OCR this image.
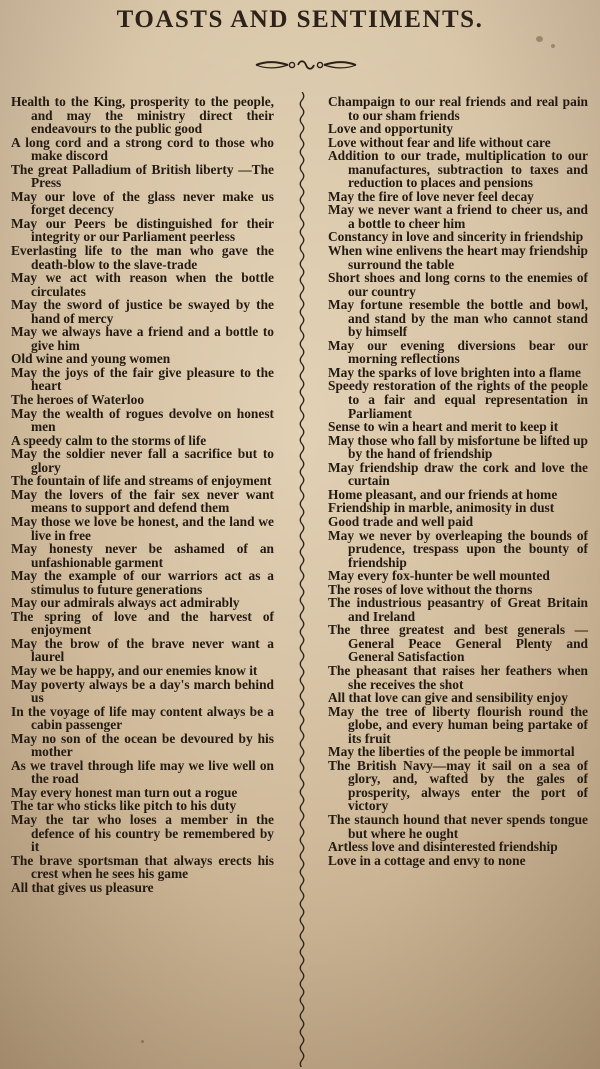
TOASTS AND SENTIMENTS.
Health to the King, prosperity to the people, and may the ministry direct their endeavours to the public good
A long cord and a strong cord to those who make discord
The great Palladium of British liberty —The Press
May our love of the glass never make us forget decency
May our Peers be distinguished for their integrity or our Parliament peerless
Everlasting life to the man who gave the death-blow to the slave-trade
May we act with reason when the bottle circulates
May the sword of justice be swayed by the hand of mercy
May we always have a friend and a bottle to give him
Old wine and young women
May the joys of the fair give pleasure to the heart
The heroes of Waterloo
May the wealth of rogues devolve on honest men
A speedy calm to the storms of life
May the soldier never fall a sacrifice but to glory
The fountain of life and streams of enjoyment
May the lovers of the fair sex never want means to support and defend them
May those we love be honest, and the land we live in free
May honesty never be ashamed of an unfashionable garment
May the example of our warriors act as a stimulus to future generations
May our admirals always act admirably
The spring of love and the harvest of enjoyment
May the brow of the brave never want a laurel
May we be happy, and our enemies know it
May poverty always be a day's march behind us
In the voyage of life may content always be a cabin passenger
May no son of the ocean be devoured by his mother
As we travel through life may we live well on the road
May every honest man turn out a rogue
The tar who sticks like pitch to his duty
May the tar who loses a member in the defence of his country be remembered by it
The brave sportsman that always erects his crest when he sees his game
All that gives us pleasure
Champaign to our real friends and real pain to our sham friends
Love and opportunity
Love without fear and life without care
Addition to our trade, multiplication to our manufactures, subtraction to taxes and reduction to places and pensions
May the fire of love never feel decay
May we never want a friend to cheer us, and a bottle to cheer him
Constancy in love and sincerity in friendship
When wine enlivens the heart may friendship surround the table
Short shoes and long corns to the enemies of our country
May fortune resemble the bottle and bowl, and stand by the man who cannot stand by himself
May our evening diversions bear our morning reflections
May the sparks of love brighten into a flame
Speedy restoration of the rights of the people to a fair and equal representation in Parliament
Sense to win a heart and merit to keep it
May those who fall by misfortune be lifted up by the hand of friendship
May friendship draw the cork and love the curtain
Home pleasant, and our friends at home
Friendship in marble, animosity in dust
Good trade and well paid
May we never by overleaping the bounds of prudence, trespass upon the bounty of friendship
May every fox-hunter be well mounted
The roses of love without the thorns
The industrious peasantry of Great Britain and Ireland
The three greatest and best generals —General Peace General Plenty and General Satisfaction
The pheasant that raises her feathers when she receives the shot
All that love can give and sensibility enjoy
May the tree of liberty flourish round the globe, and every human being partake of its fruit
May the liberties of the people be immortal
The British Navy—may it sail on a sea of glory, and, wafted by the gales of prosperity, always enter the port of victory
The staunch hound that never spends tongue but where he ought
Artless love and disinterested friendship
Love in a cottage and envy to none
